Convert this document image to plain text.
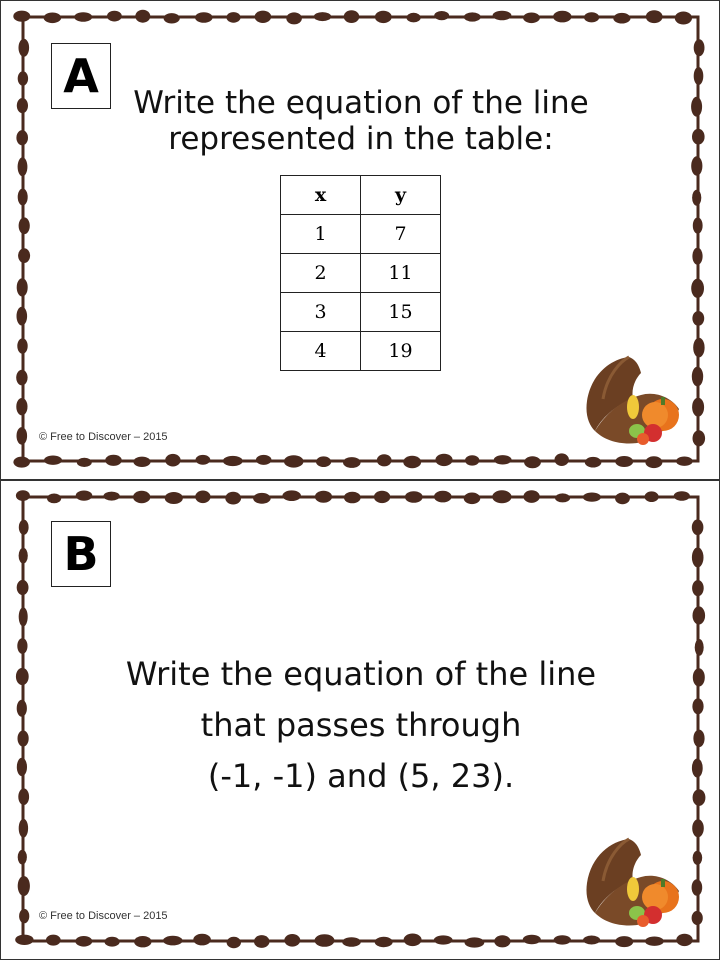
A	Write the equation of the line
represented in the table:
x	y
1	7
2	11
3	15
4	19
© Free to Discover – 2015
B
Write the equation of the line
that passes through
(-1, -1) and (5, 23).
© Free to Discover – 2015
